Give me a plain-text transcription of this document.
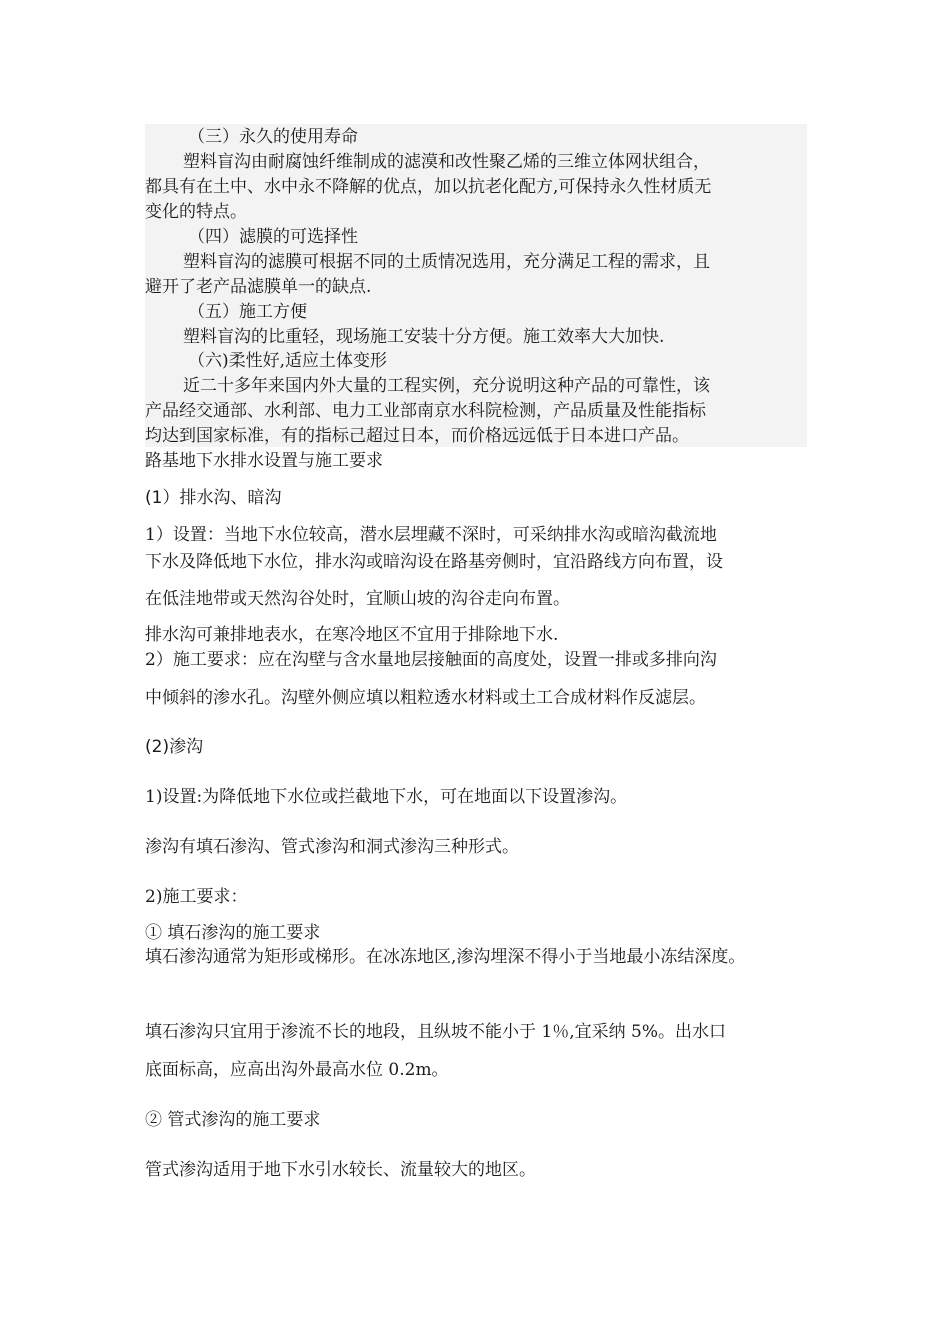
（三）永久的使用寿命

塑料盲沟由耐腐蚀纤维制成的滤漠和改性聚乙烯的三维立体网状组合，

都具有在土中、水中永不降解的优点，加以抗老化配方,可保持永久性材质无

变化的特点。

（四）滤膜的可选择性

塑料盲沟的滤膜可根据不同的土质情况选用，充分满足工程的需求，且

避开了老产品滤膜单一的缺点.

（五）施工方便

塑料盲沟的比重轻，现场施工安装十分方便。施工效率大大加快.

（六)柔性好,适应土体变形

近二十多年来国内外大量的工程实例，充分说明这种产品的可靠性，该

产品经交通部、水利部、电力工业部南京水科院检测，产品质量及性能指标

均达到国家标准，有的指标己超过日本，而价格远远低于日本进口产品。

路基地下水排水设置与施工要求

(1）排水沟、暗沟

1）设置：当地下水位较高，潜水层埋藏不深时，可采纳排水沟或暗沟截流地

下水及降低地下水位，排水沟或暗沟设在路基旁侧时，宜沿路线方向布置，设

在低洼地带或天然沟谷处时，宜顺山坡的沟谷走向布置。

排水沟可兼排地表水，在寒冷地区不宜用于排除地下水.

2）施工要求：应在沟壁与含水量地层接触面的高度处，设置一排或多排向沟

中倾斜的渗水孔。沟壁外侧应填以粗粒透水材料或土工合成材料作反滤层。

(2)渗沟

1)设置:为降低地下水位或拦截地下水，可在地面以下设置渗沟。

渗沟有填石渗沟、管式渗沟和洞式渗沟三种形式。

2)施工要求：

① 填石渗沟的施工要求

填石渗沟通常为矩形或梯形。在冰冻地区,渗沟埋深不得小于当地最小冻结深度。

填石渗沟只宜用于渗流不长的地段，且纵坡不能小于 1％,宜采纳 5%。出水口

底面标高，应高出沟外最高水位 0.2m。

② 管式渗沟的施工要求

管式渗沟适用于地下水引水较长、流量较大的地区。
